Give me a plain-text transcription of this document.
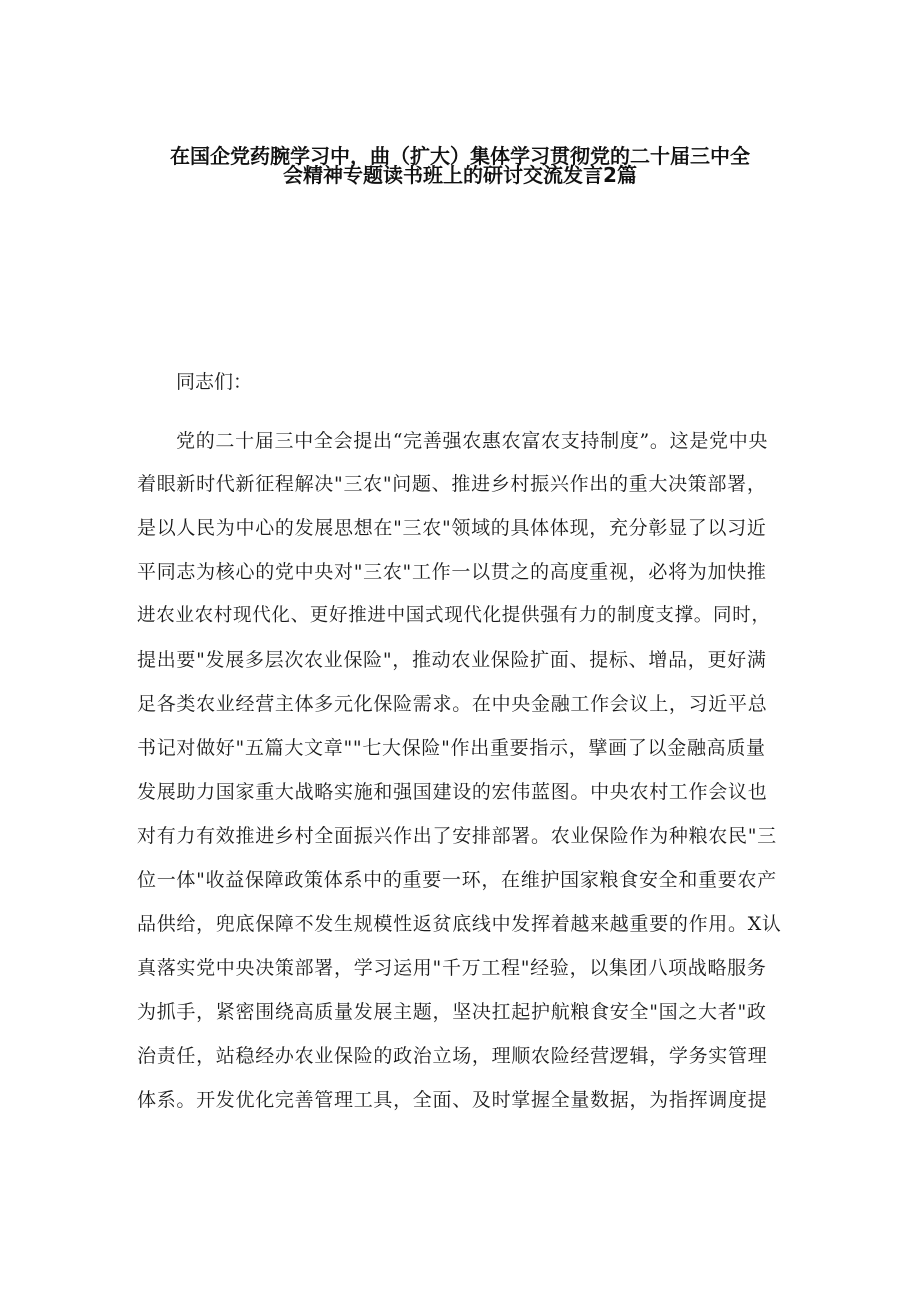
在国企党药腕学习中，曲（扩大）集体学习贯彻党的二十届三中全
会精神专题读书班上的研讨交流发言2篇
同志们：
党的二十届三中全会提出“完善强农惠农富农支持制度”。这是党中央
着眼新时代新征程解决"三农"问题、推进乡村振兴作出的重大决策部署，
是以人民为中心的发展思想在"三农"领域的具体体现，充分彰显了以习近
平同志为核心的党中央对"三农"工作一以贯之的高度重视，必将为加快推
进农业农村现代化、更好推进中国式现代化提供强有力的制度支撑。同时，
提出要"发展多层次农业保险"，推动农业保险扩面、提标、增品，更好满
足各类农业经营主体多元化保险需求。在中央金融工作会议上，习近平总
书记对做好"五篇大文章""七大保险"作出重要指示，擘画了以金融高质量
发展助力国家重大战略实施和强国建设的宏伟蓝图。中央农村工作会议也
对有力有效推进乡村全面振兴作出了安排部署。农业保险作为种粮农民"三
位一体"收益保障政策体系中的重要一环，在维护国家粮食安全和重要农产
品供给，兜底保障不发生规模性返贫底线中发挥着越来越重要的作用。X认
真落实党中央决策部署，学习运用"千万工程"经验，以集团八项战略服务
为抓手，紧密围绕高质量发展主题，坚决扛起护航粮食安全"国之大者"政
治责任，站稳经办农业保险的政治立场，理顺农险经营逻辑，学务实管理
体系。开发优化完善管理工具，全面、及时掌握全量数据，为指挥调度提
